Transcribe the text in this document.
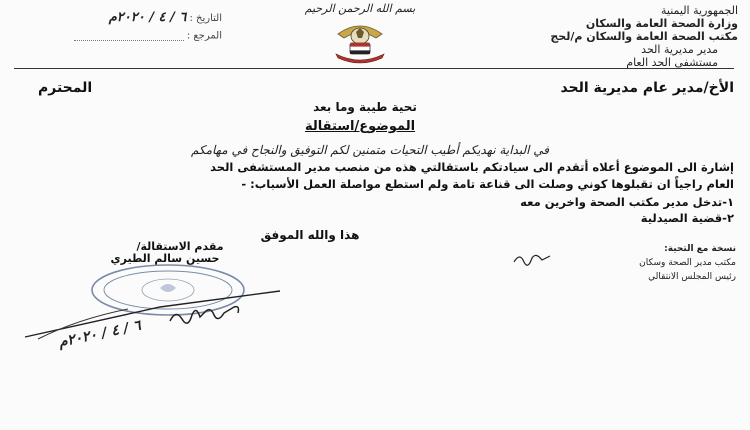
الجمهورية اليمنية
وزارة الصحة العامة والسكان
مكتب الصحة العامة والسكان م/لحج
مدير مديرية الحد
مستشفى الحد العام
بسم الله الرحمن الرحيم
التاريخ : ٦ / ٤ / ٢٠٢٠م
المرجع :
الأخ/مدير عام مديرية الحد
المحترم
تحية طيبة وما بعد
الموضوع/استقالة
في البداية نهديكم أطيب التحيات متمنين لكم التوفيق والنجاح في مهامكم
إشارة الى الموضوع أعلاه أتقدم الى سيادتكم باستقالتي هذه من منصب مدير المستشفى الحد
العام راجياً ان تقبلوها كوني وصلت الى قناعة تامة ولم استطع مواصلة العمل الأسباب: -
١-تدخل مدير مكتب الصحة واخرين معه
٢-قضية الصيدلية
هذا والله الموفق
مقدم الاستقالة/
حسين سالم الطيري
٦ / ٤ / ٢٠٢٠م
نسخة مع التحية:
مكتب مدير الصحة وسكان
رئيس المجلس الانتقالي
